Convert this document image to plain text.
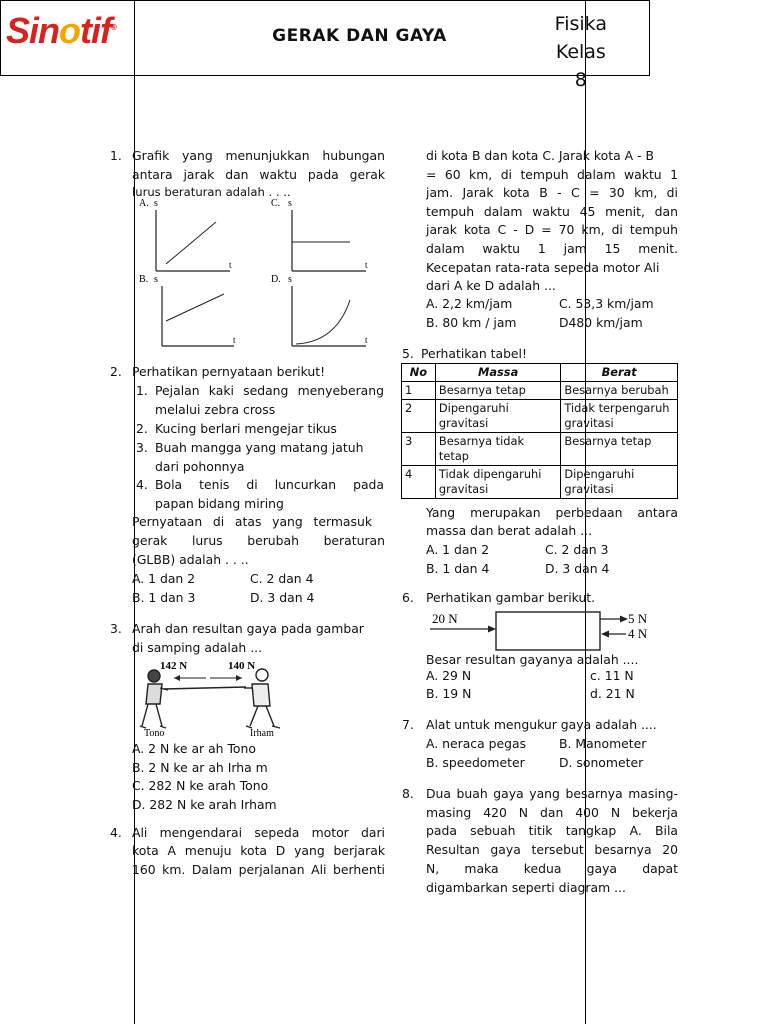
Sinotif®	GERAK DAN GAYA
Fisika
Kelas 8
1. Grafik yang menunjukkan hubungan
antara jarak dan waktu pada gerak
lurus beraturan adalah . . ..
A. s
t
C. s
t
B. s
t
D. s
t
2. Perhatikan pernyataan berikut!
1. Pejalan kaki sedang menyeberang
melalui zebra cross
2. Kucing berlari mengejar tikus
3. Buah mangga yang matang jatuh
dari pohonnya
4. Bola tenis di luncurkan pada
papan bidang miring
Pernyataan di atas yang termasuk
gerak lurus berubah beraturan
(GLBB) adalah . . ..
A. 1 dan 2	C. 2 dan 4
B. 1 dan 3	D. 3 dan 4
3. Arah dan resultan gaya pada gambar
di samping adalah ...
142 N	140 N
Tono	Irham
A. 2 N ke ar ah Tono
B. 2 N ke ar ah Irha m
C. 282 N ke arah Tono
D. 282 N ke arah Irham
4. Ali mengendarai sepeda motor dari
kota A menuju kota D yang berjarak
160 km. Dalam perjalanan Ali berhenti
di kota B dan kota C. Jarak kota A - B
= 60 km, di tempuh dalam waktu 1
jam. Jarak kota B - C = 30 km, di
tempuh dalam waktu 45 menit, dan
jarak kota C - D = 70 km, di tempuh
dalam waktu 1 jam 15 menit.
Kecepatan rata-rata sepeda motor Ali
dari A ke D adalah ...
A. 2,2 km/jam	C. 53,3 km/jam
B. 80 km / jam	D480 km/jam
5. Perhatikan tabel!
No	Massa	Berat
1	Besarnya tetap	Besarnya berubah
2	Dipengaruhi gravitasi	Tidak terpengaruh gravitasi
3	Besarnya tidak tetap	Besarnya tetap
4	Tidak dipengaruhi gravitasi	Dipengaruhi gravitasi
Yang merupakan perbedaan antara
massa dan berat adalah ...
A. 1 dan 2	C. 2 dan 3
B. 1 dan 4	D. 3 dan 4
6. Perhatikan gambar berikut.
20 N	5 N
4 N
Besar resultan gayanya adalah ....
A. 29 N	c. 11 N
B. 19 N	d. 21 N
7. Alat untuk mengukur gaya adalah ....
A. neraca pegas	B. Manometer
B. speedometer	D. sonometer
8. Dua buah gaya yang besarnya masing-
masing 420 N dan 400 N bekerja
pada sebuah titik tangkap A. Bila
Resultan gaya tersebut besarnya 20
N, maka kedua gaya dapat
digambarkan seperti diagram ...
